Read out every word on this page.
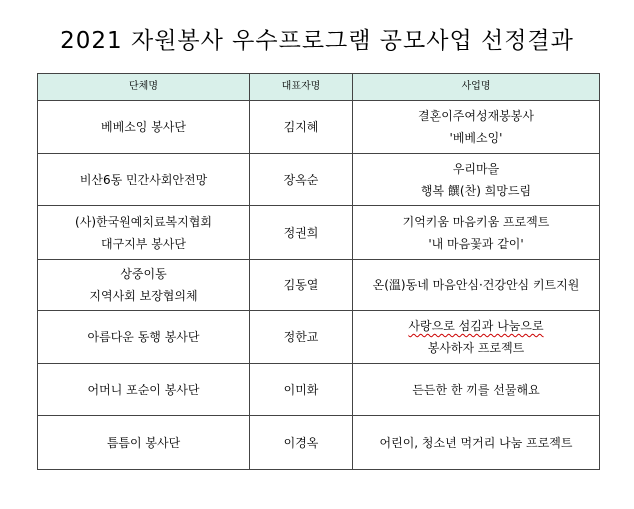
2021 자원봉사 우수프로그램 공모사업 선정결과
단체명	대표자명	사업명

베베소잉 봉사단	김지혜	결혼이주여성재봉봉사
'베베소잉'

비산6동 민간사회안전망	장옥순	우리마을
행복 饌(찬) 희망드림

(사)한국원예치료복지협회
대구지부 봉사단	정권희	기억키움 마음키움 프로젝트
'내 마음꽃과 같이'

상중이동
지역사회 보장협의체	김동열	온(溫)동네 마음안심·건강안심 키트지원

아름다운 동행 봉사단	정한교	사랑으로 섬김과 나눔으로
봉사하자 프로젝트

어머니 포순이 봉사단	이미화	든든한 한 끼를 선물해요

틈틈이 봉사단	이경옥	어린이, 청소년 먹거리 나눔 프로젝트
